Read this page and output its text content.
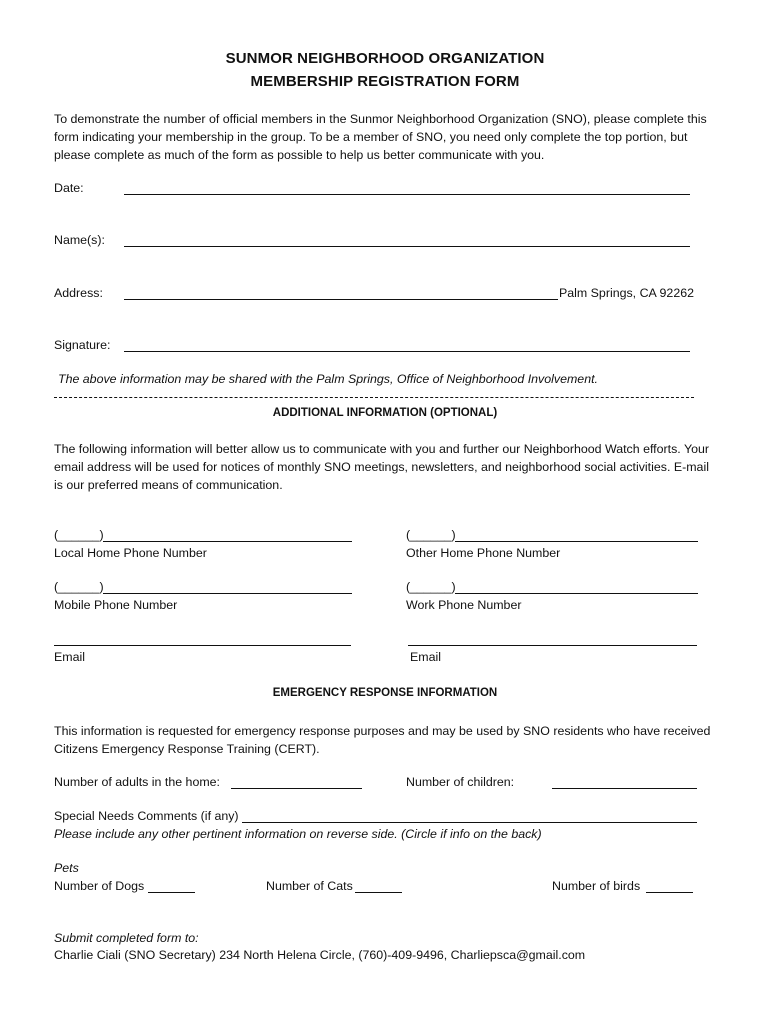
SUNMOR NEIGHBORHOOD ORGANIZATION
MEMBERSHIP REGISTRATION FORM
To demonstrate the number of official members in the Sunmor Neighborhood Organization (SNO), please complete this form indicating your membership in the group. To be a member of SNO, you need only complete the top portion, but please complete as much of the form as possible to help us better communicate with you.
Date:
Name(s):
Address:	Palm Springs, CA 92262
Signature:
The above information may be shared with the Palm Springs, Office of Neighborhood Involvement.
ADDITIONAL INFORMATION (OPTIONAL)
The following information will better allow us to communicate with you and further our Neighborhood Watch efforts. Your email address will be used for notices of monthly SNO meetings, newsletters, and neighborhood social activities. E-mail is our preferred means of communication.
(______)
Local Home Phone Number
(______)
Other Home Phone Number
(______)
Mobile Phone Number
(______)
Work Phone Number
Email	Email
EMERGENCY RESPONSE INFORMATION
This information is requested for emergency response purposes and may be used by SNO residents who have received Citizens Emergency Response Training (CERT).
Number of adults in the home:	Number of children:
Special Needs Comments (if any)
Please include any other pertinent information on reverse side. (Circle if info on the back)
Pets
Number of Dogs	Number of Cats	Number of birds
Submit completed form to:
Charlie Ciali (SNO Secretary) 234 North Helena Circle, (760)-409-9496, Charliepsca@gmail.com
